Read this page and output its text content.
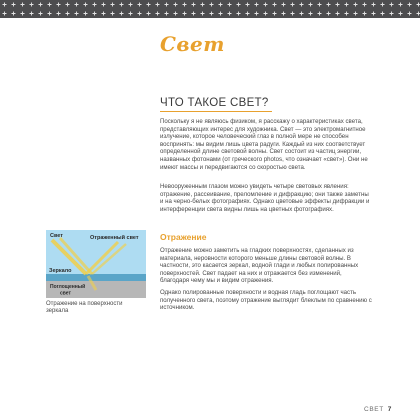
Свет
ЧТО ТАКОЕ СВЕТ?

Поскольку я не являюсь физиком, я расскажу о характеристиках света, представляющих интерес для художника. Свет — это электромагнитное излучение, которое человеческий глаз в полной мере не способен воспринять: мы видим лишь цвета радуги. Каждый из них соответствует определенной длине световой волны. Свет состоит из частиц энергии, названных фотонами (от греческого photos, что означает «свет»). Они не имеют массы и передвигаются со скоростью света.

Невооруженным глазом можно увидеть четыре световых явления: отражение, рассеивание, преломление и дифракцию; они также заметны и на черно-белых фотографиях. Однако цветовые эффекты дифракции и интерференции света видны лишь на цветных фотографиях.

Отражение

Отражение можно заметить на гладких поверхностях, сделанных из материала, неровности которого меньше длины световой волны. В частности, это касается зеркал, водной глади и любых полированных поверхностей. Свет падает на них и отражается без изменений, благодаря чему мы и видим отражения.

Однако полированные поверхности и водная гладь поглощают часть полученного света, поэтому отражение выглядит блеклым по сравнению с источником.

Свет	Отраженный свет
Зеркало
Поглощенный
свет
Отражение на поверхности зеркала
СВЕТ 7
